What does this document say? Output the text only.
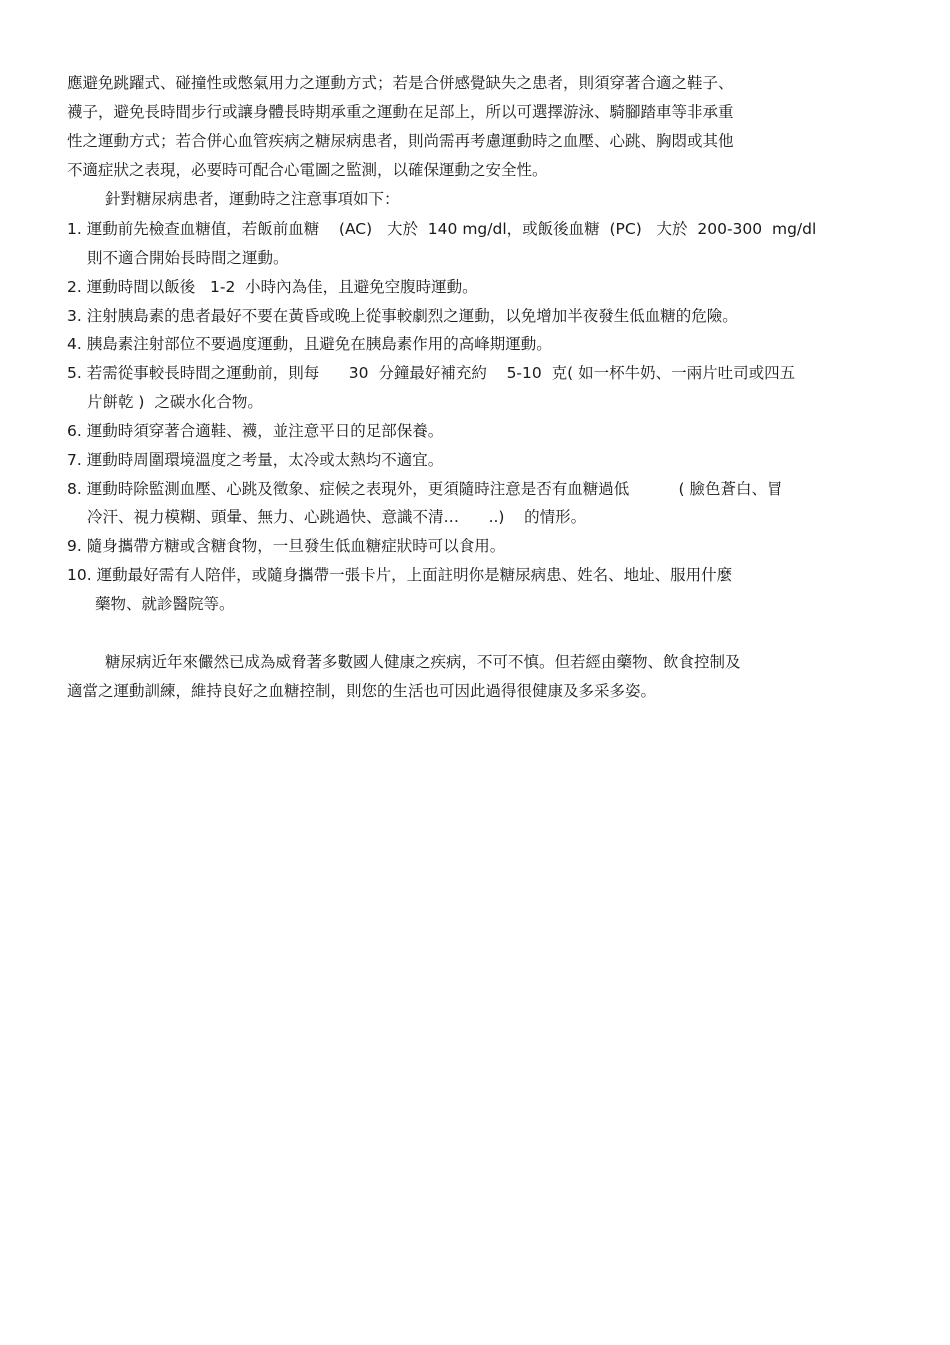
應避免跳躍式、碰撞性或憋氣用力之運動方式；若是合併感覺缺失之患者，則須穿著合適之鞋子、

襪子，避免長時間步行或讓身體長時期承重之運動在足部上，所以可選擇游泳、騎腳踏車等非承重

性之運動方式；若合併心血管疾病之糖尿病患者，則尚需再考慮運動時之血壓、心跳、胸悶或其他

不適症狀之表現，必要時可配合心電圖之監測，以確保運動之安全性。

針對糖尿病患者，運動時之注意事項如下：

1. 運動前先檢查血糖值，若飯前血糖    (AC)   大於  140 mg/dl，或飯後血糖  (PC)   大於  200-300  mg/dl

則不適合開始長時間之運動。

2. 運動時間以飯後   1-2  小時內為佳，且避免空腹時運動。

3. 注射胰島素的患者最好不要在黃昏或晚上從事較劇烈之運動，以免增加半夜發生低血糖的危險。

4. 胰島素注射部位不要過度運動，且避免在胰島素作用的高峰期運動。

5. 若需從事較長時間之運動前，則每      30  分鐘最好補充約    5-10  克( 如一杯牛奶、一兩片吐司或四五

片餅乾 )  之碳水化合物。

6. 運動時須穿著合適鞋、襪，並注意平日的足部保養。

7. 運動時周圍環境溫度之考量，太冷或太熱均不適宜。

8. 運動時除監測血壓、心跳及徵象、症候之表現外，更須隨時注意是否有血糖過低          ( 臉色蒼白、冒

冷汗、視力模糊、頭暈、無力、心跳過快、意識不清…      ..)    的情形。

9. 隨身攜帶方糖或含糖食物，一旦發生低血糖症狀時可以食用。

10. 運動最好需有人陪伴，或隨身攜帶一張卡片，上面註明你是糖尿病患、姓名、地址、服用什麼

藥物、就診醫院等。

糖尿病近年來儼然已成為威脅著多數國人健康之疾病，不可不慎。但若經由藥物、飲食控制及

適當之運動訓練，維持良好之血糖控制，則您的生活也可因此過得很健康及多采多姿。
